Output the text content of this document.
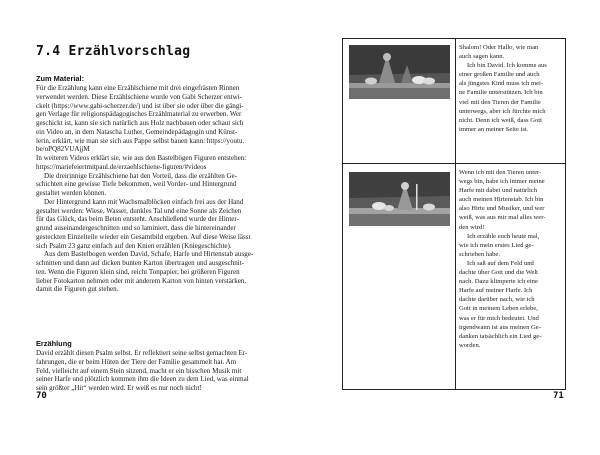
7.4 Erzählvorschlag
Zum Material:

Für die Erzählung kann eine Erzählschiene mit drei eingefrästen Rinnen

verwendet werden. Diese Erzählschiene wurde von Gabi Scherzer entwi-

ckelt (https://www.gabi-scherzer.de/) und ist über sie oder über die gängi-

gen Verlage für religionspädagogisches Erzählmaterial zu erwerben. Wer

geschickt ist, kann sie sich natürlich aus Holz nachbauen oder schaut sich

ein Video an, in dem Natascha Luther, Gemeindepädagogin und Künst-

lerin, erklärt, wie man sie sich aus Pappe selbst bauen kann: https://youtu.

be/oPQ82VUAjjM

In weiteren Videos erklärt sie, wie aus den Bastelbögen Figuren entstehen:

https://mariefeiertmitpaul.de/erzaehlschiene-figuren/#videos

Die dreirinnige Erzählschiene hat den Vorteil, dass die erzählten Ge-

schichten eine gewisse Tiefe bekommen, weil Vorder- und Hintergrund

gestaltet werden können.

Der Hintergrund kann mit Wachsmalblöcken einfach frei aus der Hand

gestaltet werden: Wiese, Wasser, dunkles Tal und eine Sonne als Zeichen

für das Glück, das beim Beten entsteht. Anschließend wurde der Hinter-

grund auseinandergeschnitten und so laminiert, dass die hintereinander

gesteckten Einzelteile wieder ein Gesamtbild ergeben. Auf diese Weise lässt

sich Psalm 23 ganz einfach auf den Knien erzählen (Kniegeschichte).

Aus dem Bastelbogen werden David, Schafe, Harfe und Hirtenstab ausge-

schnitten und dann auf dicken bunten Karton übertragen und ausgeschnit-

ten. Wenn die Figuren klein sind, reicht Tonpapier, bei größeren Figuren

lieber Fotokarton nehmen oder mit anderem Karton von hinten verstärken,

damit die Figuren gut stehen.

Erzählung

David erzählt diesen Psalm selbst. Er reflektiert seine selbst gemachten Er-

fahrungen, die er beim Hüten der Tiere der Familie gesammelt hat. Am

Feld, vielleicht auf einem Stein sitzend, macht er ein bisschen Musik mit

seiner Harfe und plötzlich kommen ihm die Ideen zu dem Lied, was einmal

sein größter „Hit“ werden wird. Er weiß es nur noch nicht!

70

Shalom! Oder Hallo, wie man

auch sagen kann.

Ich bin David. Ich komme aus

einer großen Familie und auch

als jüngstes Kind muss ich mei-

ne Familie unterstützen. Ich bin

viel mit den Tieren der Familie

unterwegs, aber ich fürchte mich

nicht. Denn ich weiß, dass Gott

immer an meiner Seite ist.

Wenn ich mit den Tieren unter-

wegs bin, habe ich immer meine

Harfe mit dabei und natürlich

auch meinen Hirtenstab. Ich bin

also Hirte und Musiker, und wer

weiß, was aus mir mal alles wer-

den wird!

Ich erzähle euch heute mal,

wie ich mein erstes Lied ge-

schrieben habe.

Ich saß auf dem Feld und

dachte über Gott und die Welt

nach. Dazu klimperte ich eine

Harfe auf meiner Harfe. Ich

dachte darüber nach, wie ich

Gott in meinem Leben erlebe,

was er für mich bedeutet. Und

irgendwann ist aus meinen Ge-

danken tatsächlich ein Lied ge-

worden.

71
